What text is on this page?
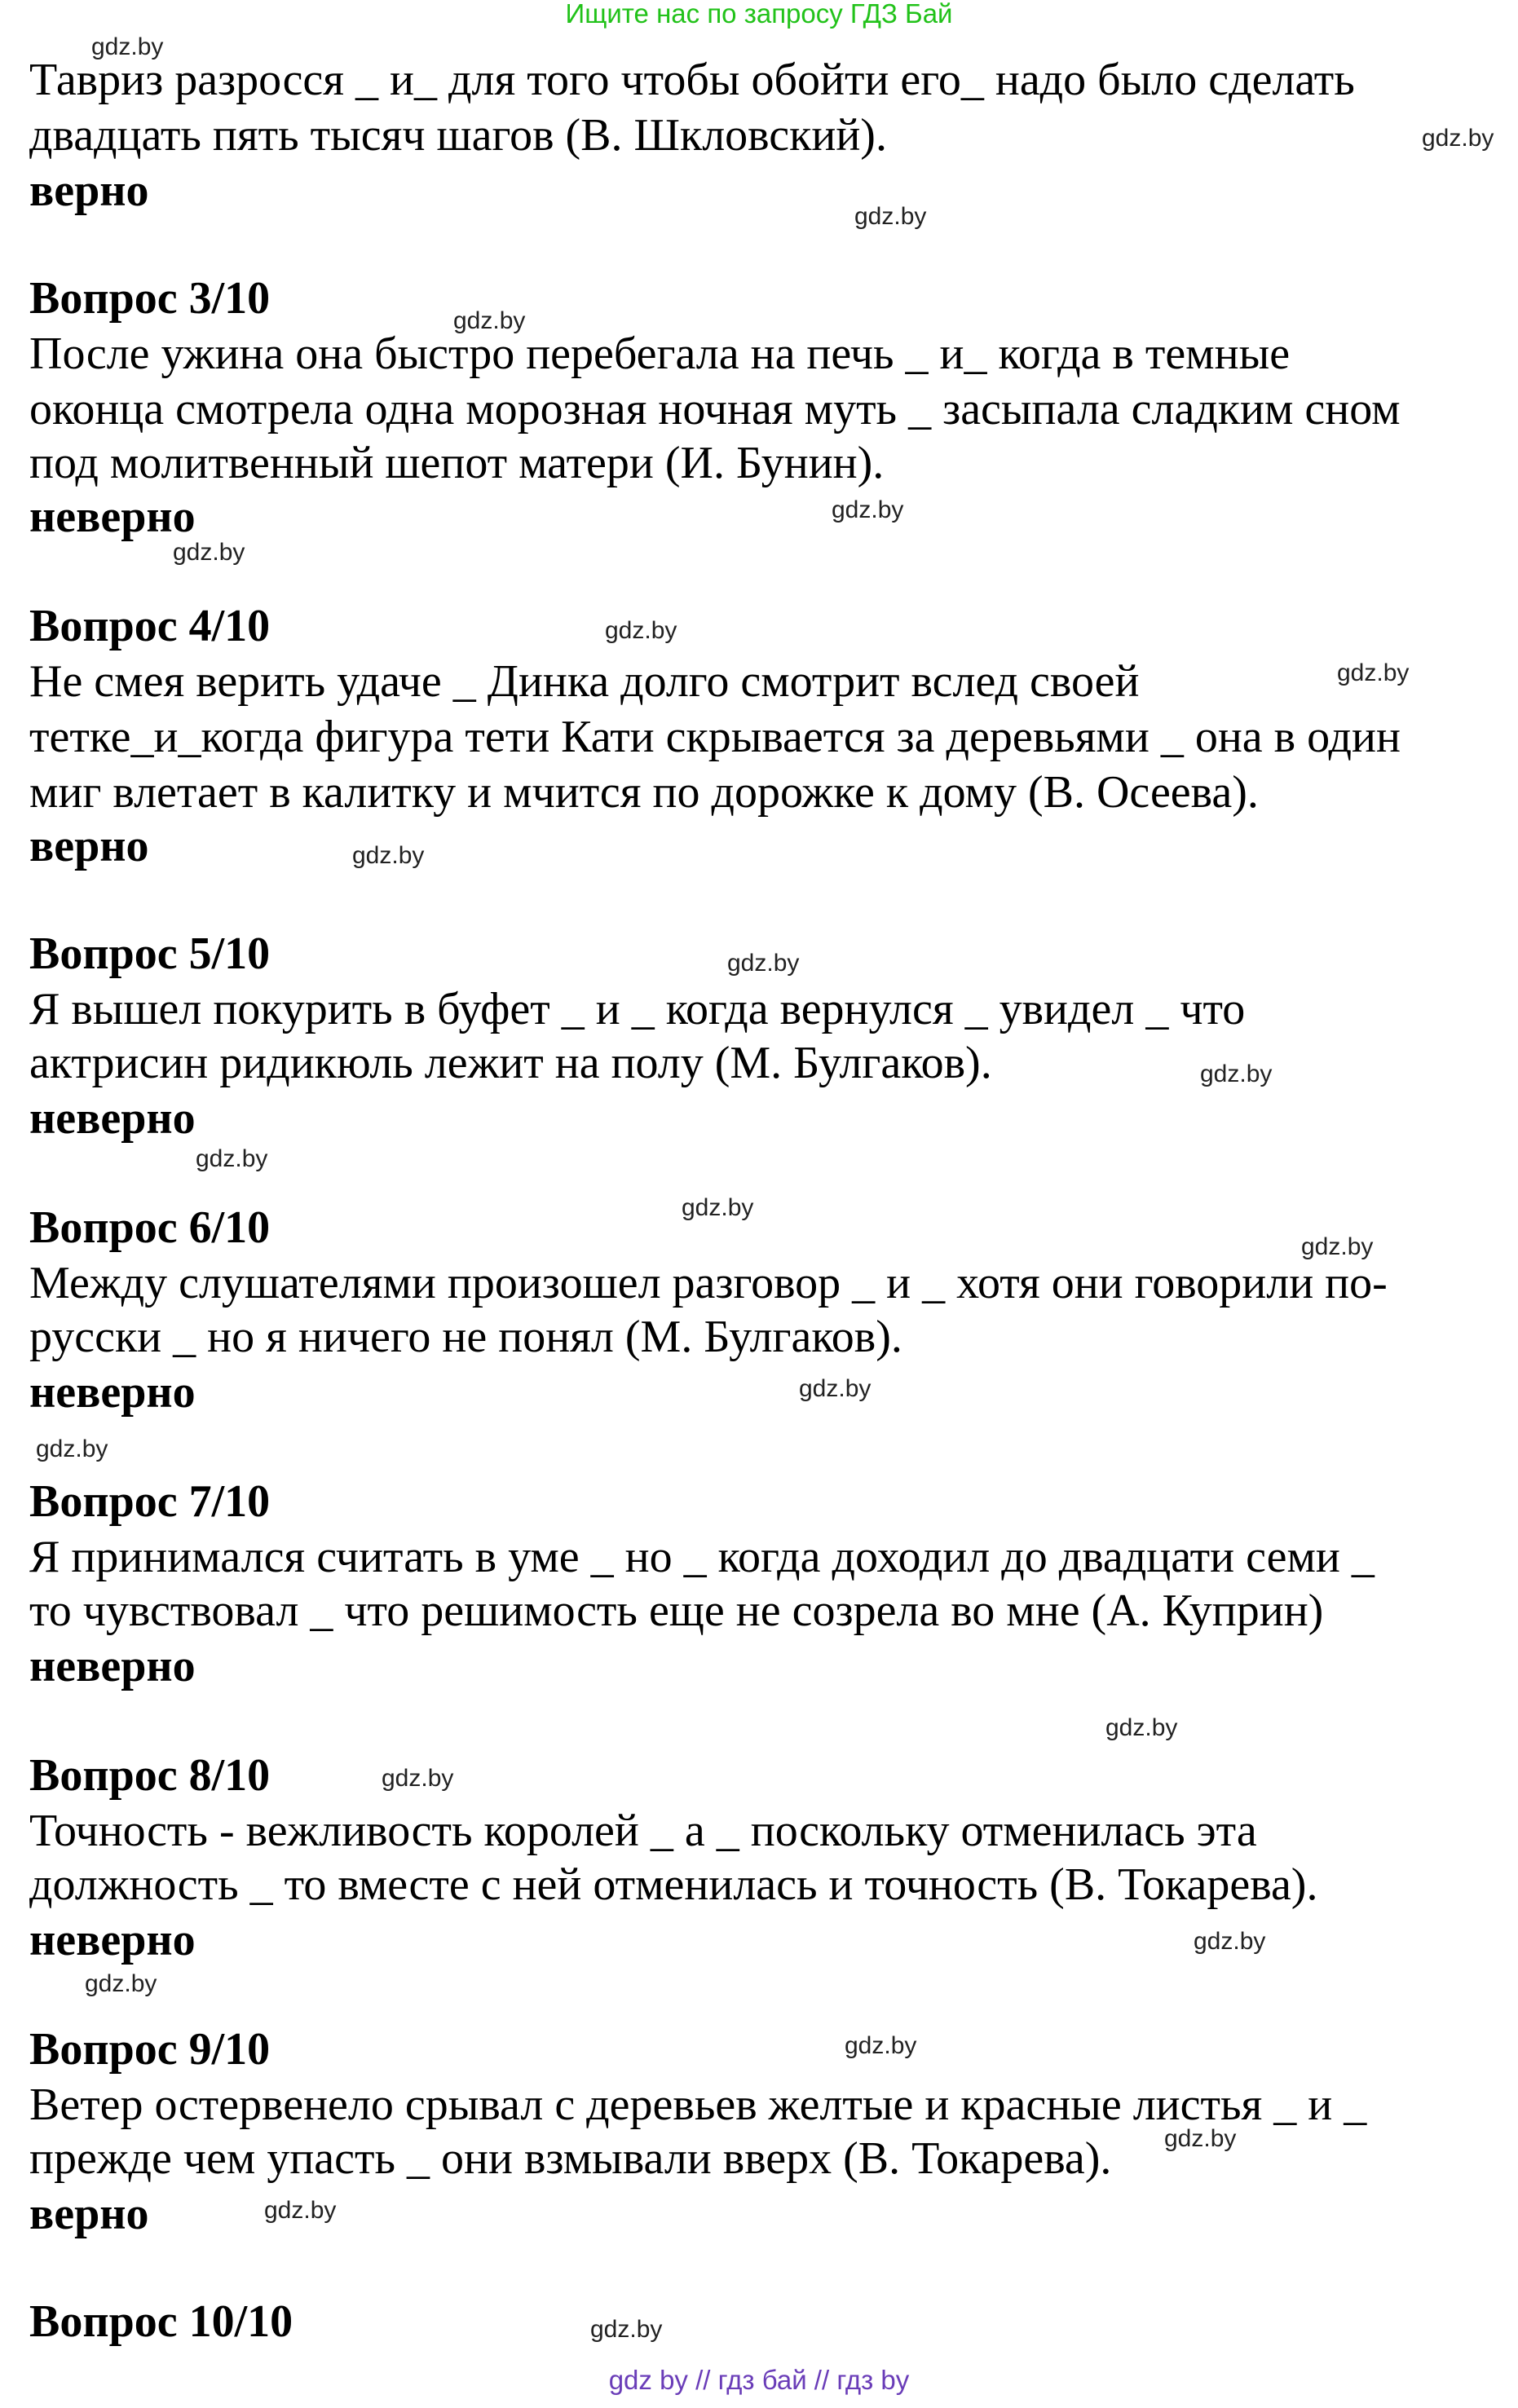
Ищите нас по запросу ГДЗ Бай
Тавриз разросся _ и_ для того чтобы обойти его_ надо было сделать
двадцать пять тысяч шагов (В. Шкловский).
верно
Вопрос 3/10
После ужина она быстро перебегала на печь _ и_ когда в темные
оконца смотрела одна морозная ночная муть _ засыпала сладким сном
под молитвенный шепот матери (И. Бунин).
неверно
Вопрос 4/10
Не смея верить удаче _ Динка долго смотрит вслед своей
тетке_и_когда фигура тети Кати скрывается за деревьями _ она в один
миг влетает в калитку и мчится по дорожке к дому (В. Осеева).
верно
Вопрос 5/10
Я вышел покурить в буфет _ и _ когда вернулся _ увидел _ что
актрисин ридикюль лежит на полу (М. Булгаков).
неверно
Вопрос 6/10
Между слушателями произошел разговор _ и _ хотя они говорили по-
русски _ но я ничего не понял (М. Булгаков).
неверно
Вопрос 7/10
Я принимался считать в уме _ но _ когда доходил до двадцати семи _
то чувствовал _ что решимость еще не созрела во мне (А. Куприн)
неверно
Вопрос 8/10
Точность - вежливость королей _ а _ поскольку отменилась эта
должность _ то вместе с ней отменилась и точность (В. Токарева).
неверно
Вопрос 9/10
Ветер остервенело срывал с деревьев желтые и красные листья _ и _
прежде чем упасть _ они взмывали вверх (В. Токарева).
верно
Вопрос 10/10
gdz.by
gdz.by
gdz.by
gdz.by
gdz.by
gdz.by
gdz.by
gdz.by
gdz.by
gdz.by
gdz.by
gdz.by
gdz.by
gdz.by
gdz.by
gdz.by
gdz.by
gdz.by
gdz.by
gdz.by
gdz.by
gdz.by
gdz.by
gdz.by
gdz by // гдз бай // гдз by
